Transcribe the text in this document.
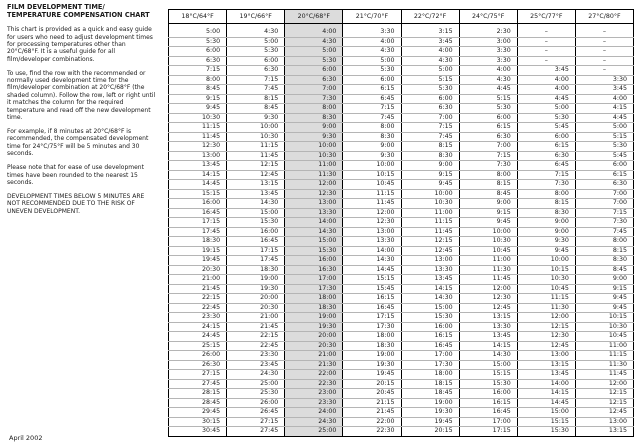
FILM DEVELOPMENT TIME/ TEMPERATURE COMPENSATION CHART

This chart is provided as a quick and easy guide for users who need to adjust development times for processing temperatures other than 20°C/68°F. It is a useful guide for all film/developer combinations.

To use, find the row with the recommended or normally used development time for the film/developer combination at 20°C/68°F (the shaded column). Follow the row, left or right until it matches the column for the required temperature and read off the new development time.

For example, if 8 minutes at 20°C/68°F is recommended, the compensated development time for 24°C/75°F will be 5 minutes and 30 seconds.

Please note that for ease of use development times have been rounded to the nearest 15 seconds.

DEVELOPMENT TIMES BELOW 5 MINUTES ARE NOT RECOMMENDED DUE TO THE RISK OF UNEVEN DEVELOPMENT.

April 2002
18°C/64°F	19°C/66°F	20°C/68°F	21°C/70°F	22°C/72°F	24°C/75°F	25°C/77°F	27°C/80°F

5:00	4:30	4:00	3:30	3:15	2:30	–	–
5:30	5:00	4:30	4:00	3:45	3:00	–	–
6:00	5:30	5:00	4:30	4:00	3:30	–	–
6:30	6:00	5:30	5:00	4:30	3:30	–	–
7:15	6:30	6:00	5:30	5:00	4:00	3:45	–
8:00	7:15	6:30	6:00	5:15	4:30	4:00	3:30
8:45	7:45	7:00	6:15	5:30	4:45	4:00	3:45
9:15	8:15	7:30	6:45	6:00	5:15	4:45	4:00
9:45	8:45	8:00	7:15	6:30	5:30	5:00	4:15
10:30	9:30	8:30	7:45	7:00	6:00	5:30	4:45
11:15	10:00	9:00	8:00	7:15	6:15	5:45	5:00
11:45	10:30	9:30	8:30	7:45	6:30	6:00	5:15
12:30	11:15	10:00	9:00	8:15	7:00	6:15	5:30
13:00	11:45	10:30	9:30	8:30	7:15	6:30	5:45
13:45	12:15	11:00	10:00	9:00	7:30	6:45	6:00
14:15	12:45	11:30	10:15	9:15	8:00	7:15	6:15
14:45	13:15	12:00	10:45	9:45	8:15	7:30	6:30
15:15	13:45	12:30	11:15	10:00	8:45	8:00	7:00
16:00	14:30	13:00	11:45	10:30	9:00	8:15	7:00
16:45	15:00	13:30	12:00	11:00	9:15	8:30	7:15
17:15	15:30	14:00	12:30	11:15	9:45	9:00	7:30
17:45	16:00	14:30	13:00	11:45	10:00	9:00	7:45
18:30	16:45	15:00	13:30	12:15	10:30	9:30	8:00
19:15	17:15	15:30	14:00	12:45	10:45	9:45	8:15
19:45	17:45	16:00	14:30	13:00	11:00	10:00	8:30
20:30	18:30	16:30	14:45	13:30	11:30	10:15	8:45
21:00	19:00	17:00	15:15	13:45	11:45	10:30	9:00
21:45	19:30	17:30	15:45	14:15	12:00	10:45	9:15
22:15	20:00	18:00	16:15	14:30	12:30	11:15	9:45
22:45	20:30	18:30	16:45	15:00	12:45	11:30	9:45
23:30	21:00	19:00	17:15	15:30	13:15	12:00	10:15
24:15	21:45	19:30	17:30	16:00	13:30	12:15	10:30
24:45	22:15	20:00	18:00	16:15	13:45	12:30	10:45
25:15	22:45	20:30	18:30	16:45	14:15	12:45	11:00
26:00	23:30	21:00	19:00	17:00	14:30	13:00	11:15
26:30	23:45	21:30	19:30	17:30	15:00	13:15	11:30
27:15	24:30	22:00	19:45	18:00	15:15	13:45	11:45
27:45	25:00	22:30	20:15	18:15	15:30	14:00	12:00
28:15	25:30	23:00	20:45	18:45	16:00	14:15	12:15
28:45	26:00	23:30	21:15	19:00	16:15	14:45	12:15
29:45	26:45	24:00	21:45	19:30	16:45	15:00	12:45
30:15	27:15	24:30	22:00	19:45	17:00	15:15	13:00
30:45	27:45	25:00	22:30	20:15	17:15	15:30	13:15
